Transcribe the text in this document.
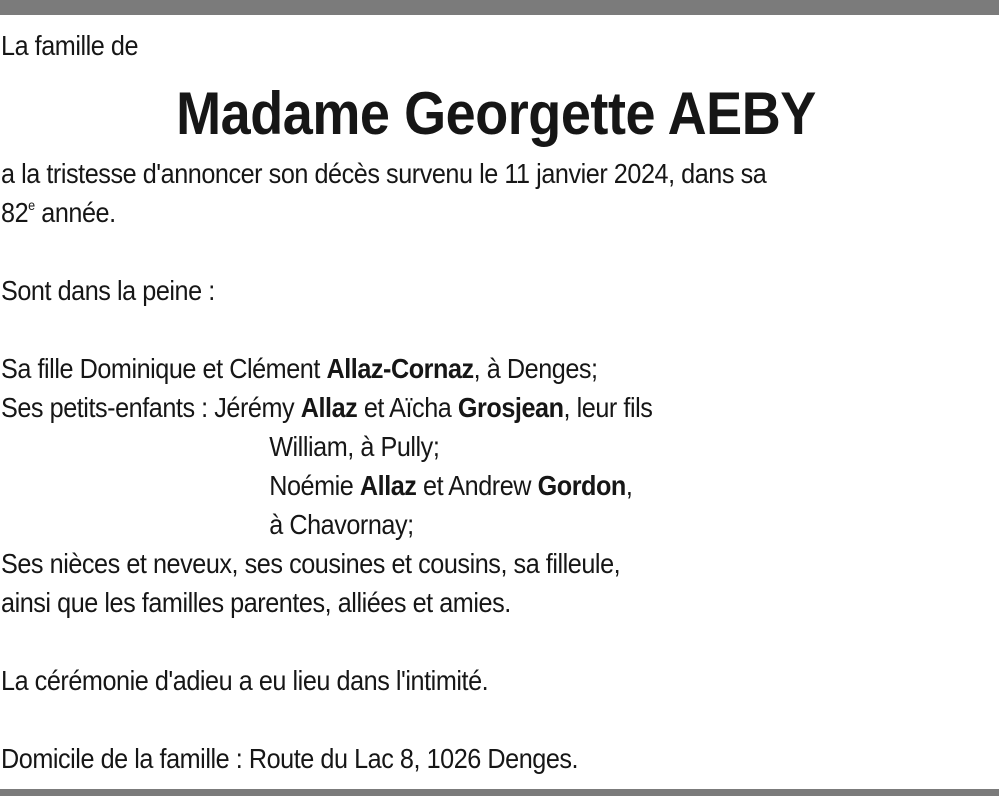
La famille de

Madame Georgette AEBY

a la tristesse d'annoncer son décès survenu le 11 janvier 2024, dans sa

82e année.

Sont dans la peine :

Sa fille Dominique et Clément Allaz-Cornaz, à Denges;

Ses petits-enfants : Jérémy Allaz et Aïcha Grosjean, leur fils

William, à Pully;

Noémie Allaz et Andrew Gordon,

à Chavornay;

Ses nièces et neveux, ses cousines et cousins, sa filleule,

ainsi que les familles parentes, alliées et amies.

La cérémonie d'adieu a eu lieu dans l'intimité.

Domicile de la famille : Route du Lac 8, 1026 Denges.
